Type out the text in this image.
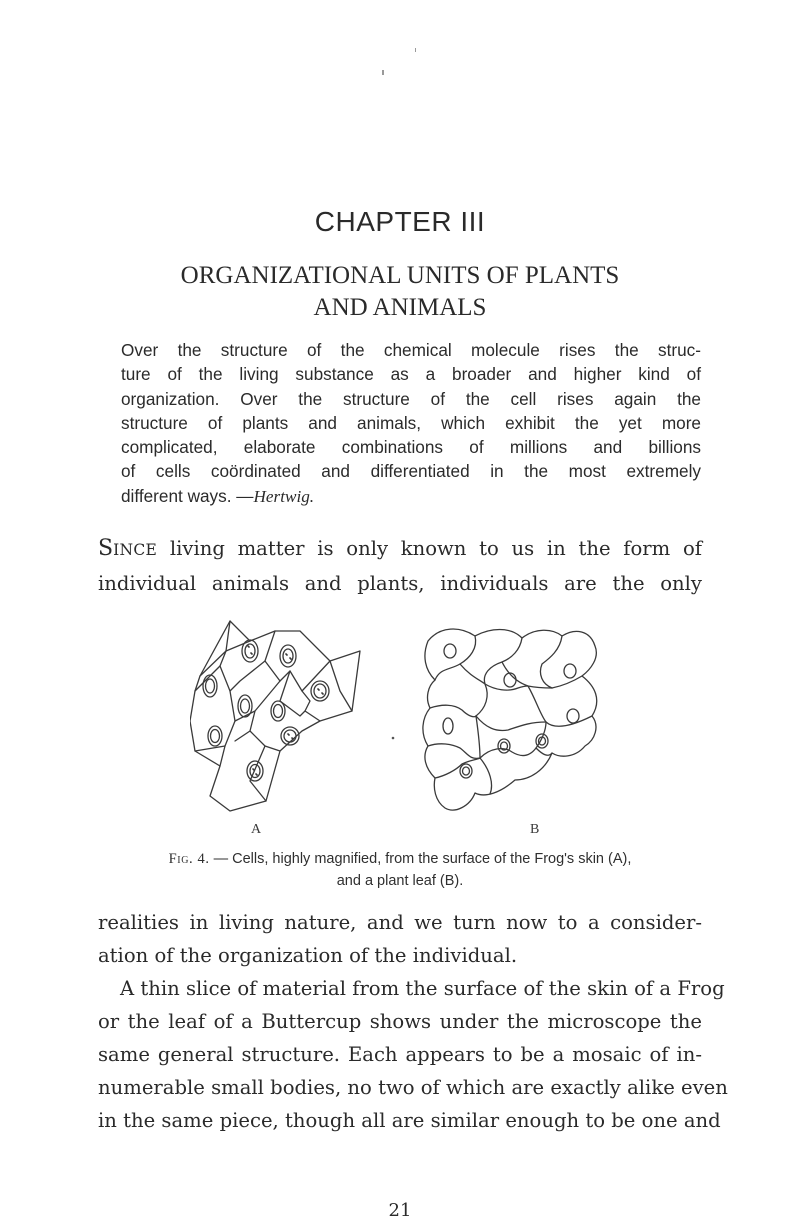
CHAPTER III
ORGANIZATIONAL UNITS OF PLANTS
AND ANIMALS
Over the structure of the chemical molecule rises the struc-
ture of the living substance as a broader and higher kind of
organization. Over the structure of the cell rises again the
structure of plants and animals, which exhibit the yet more
complicated, elaborate combinations of millions and billions
of cells coördinated and differentiated in the most extremely
different ways. —Hertwig.
SINCE living matter is only known to us in the form of
individual animals and plants, individuals are the only
A	B
Fig. 4. — Cells, highly magnified, from the surface of the Frog's skin (A),
and a plant leaf (B).
realities in living nature, and we turn now to a consider-
ation of the organization of the individual.
A thin slice of material from the surface of the skin of a Frog
or the leaf of a Buttercup shows under the microscope the
same general structure. Each appears to be a mosaic of in-
numerable small bodies, no two of which are exactly alike even
in the same piece, though all are similar enough to be one and
21
